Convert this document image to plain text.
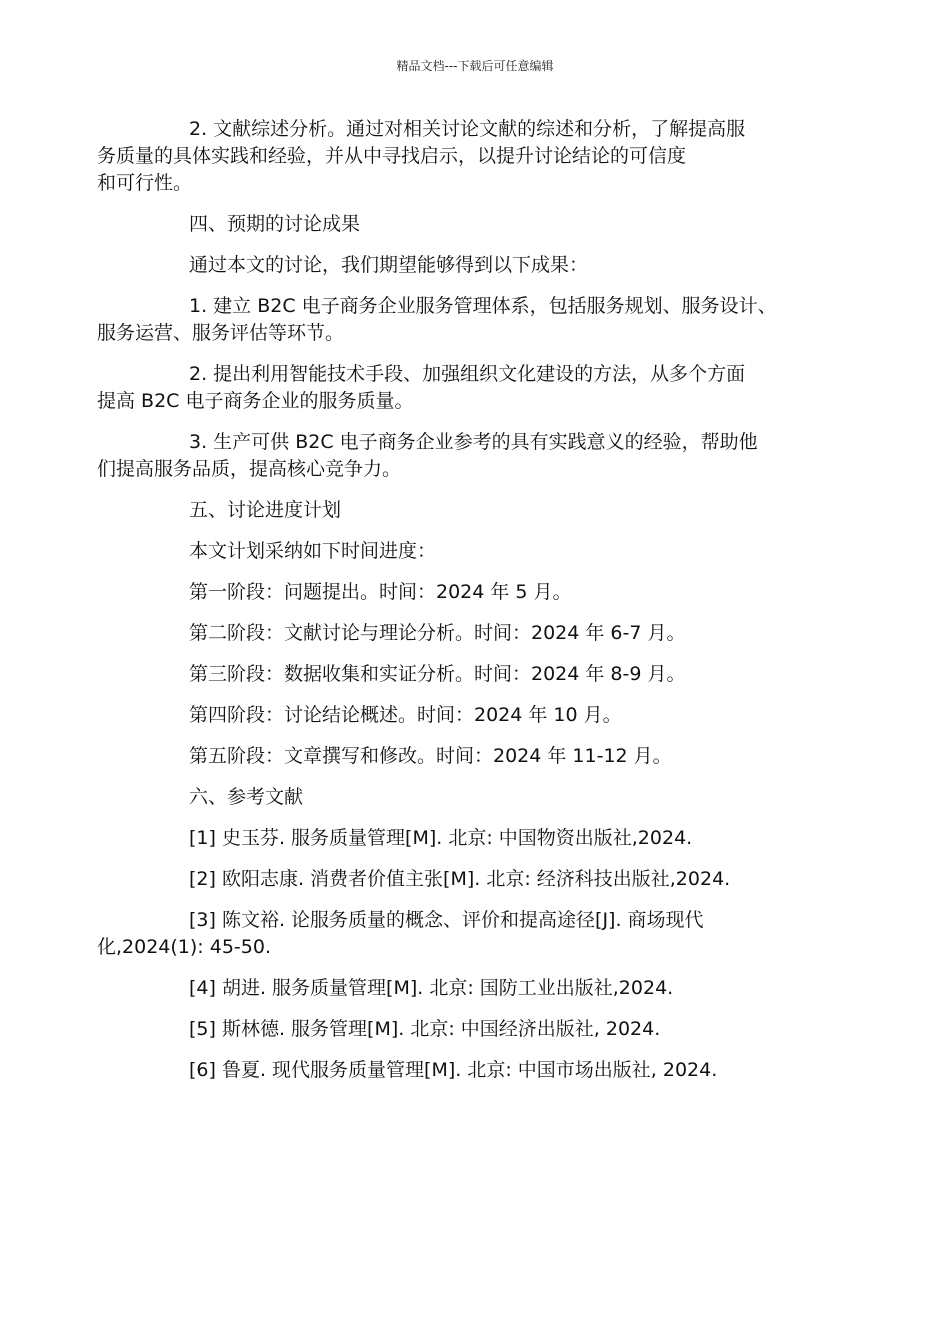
精品文档---下载后可任意编辑
2. 文献综述分析。通过对相关讨论文献的综述和分析，了解提高服
务质量的具体实践和经验，并从中寻找启示，以提升讨论结论的可信度
和可行性。
四、预期的讨论成果
通过本文的讨论，我们期望能够得到以下成果：
1. 建立 B2C 电子商务企业服务管理体系，包括服务规划、服务设计、
服务运营、服务评估等环节。
2. 提出利用智能技术手段、加强组织文化建设的方法，从多个方面
提高 B2C 电子商务企业的服务质量。
3. 生产可供 B2C 电子商务企业参考的具有实践意义的经验，帮助他
们提高服务品质，提高核心竞争力。
五、讨论进度计划
本文计划采纳如下时间进度：
第一阶段：问题提出。时间：2024 年 5 月。
第二阶段：文献讨论与理论分析。时间：2024 年 6-7 月。
第三阶段：数据收集和实证分析。时间：2024 年 8-9 月。
第四阶段：讨论结论概述。时间：2024 年 10 月。
第五阶段：文章撰写和修改。时间：2024 年 11-12 月。
六、参考文献
[1] 史玉芬. 服务质量管理[M]. 北京: 中国物资出版社,2024.
[2] 欧阳志康. 消费者价值主张[M]. 北京: 经济科技出版社,2024.
[3] 陈文裕. 论服务质量的概念、评价和提高途径[J]. 商场现代
化,2024(1): 45-50.
[4] 胡进. 服务质量管理[M]. 北京: 国防工业出版社,2024.
[5] 斯林德. 服务管理[M]. 北京: 中国经济出版社, 2024.
[6] 鲁夏. 现代服务质量管理[M]. 北京: 中国市场出版社, 2024.
